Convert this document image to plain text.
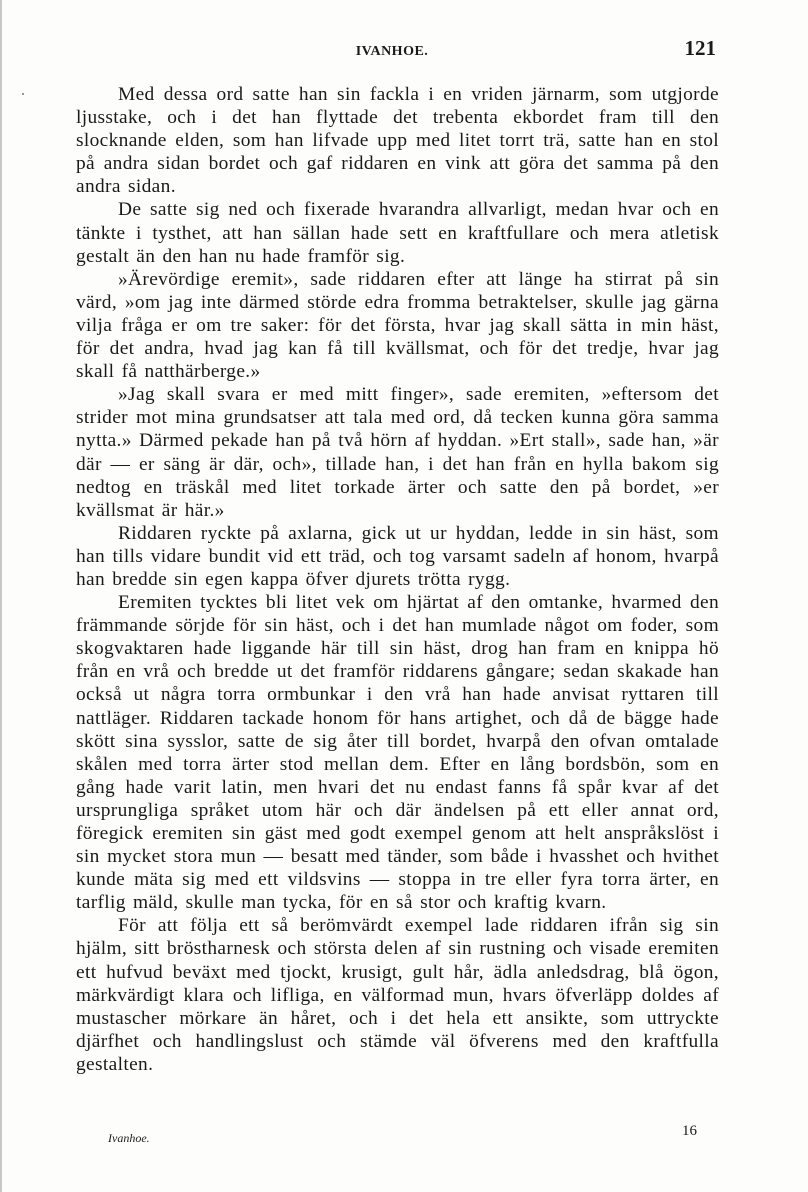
IVANHOE.	121

Med dessa ord satte han sin fackla i en vriden järnarm, som utgjorde ljusstake, och i det han flyttade det trebenta ekbordet fram till den slocknande elden, som han lifvade upp med litet torrt trä, satte han en stol på andra sidan bordet och gaf riddaren en vink att göra det samma på den andra sidan.

De satte sig ned och fixerade hvarandra allvarligt, medan hvar och en tänkte i tysthet, att han sällan hade sett en kraftfullare och mera atletisk gestalt än den han nu hade framför sig.

»Ärevördige eremit», sade riddaren efter att länge ha stirrat på sin värd, »om jag inte därmed störde edra fromma betraktelser, skulle jag gärna vilja fråga er om tre saker: för det första, hvar jag skall sätta in min häst, för det andra, hvad jag kan få till kvällsmat, och för det tredje, hvar jag skall få natthärberge.»

»Jag skall svara er med mitt finger», sade eremiten, »eftersom det strider mot mina grundsatser att tala med ord, då tecken kunna göra samma nytta.» Därmed pekade han på två hörn af hyddan. »Ert stall», sade han, »är där — er säng är där, och», tillade han, i det han från en hylla bakom sig nedtog en träskål med litet torkade ärter och satte den på bordet, »er kvällsmat är här.»

Riddaren ryckte på axlarna, gick ut ur hyddan, ledde in sin häst, som han tills vidare bundit vid ett träd, och tog varsamt sadeln af honom, hvarpå han bredde sin egen kappa öfver djurets trötta rygg.

Eremiten tycktes bli litet vek om hjärtat af den omtanke, hvarmed den främmande sörjde för sin häst, och i det han mumlade något om foder, som skogvaktaren hade liggande här till sin häst, drog han fram en knippa hö från en vrå och bredde ut det framför riddarens gångare; sedan skakade han också ut några torra ormbunkar i den vrå han hade anvisat ryttaren till nattläger. Riddaren tackade honom för hans artighet, och då de bägge hade skött sina sysslor, satte de sig åter till bordet, hvarpå den ofvan omtalade skålen med torra ärter stod mellan dem. Efter en lång bordsbön, som en gång hade varit latin, men hvari det nu endast fanns få spår kvar af det ursprungliga språket utom här och där ändelsen på ett eller annat ord, föregick eremiten sin gäst med godt exempel genom att helt anspråkslöst i sin mycket stora mun — besatt med tänder, som både i hvasshet och hvithet kunde mäta sig med ett vildsvins — stoppa in tre eller fyra torra ärter, en tarflig mäld, skulle man tycka, för en så stor och kraftig kvarn.

För att följa ett så berömvärdt exempel lade riddaren ifrån sig sin hjälm, sitt bröstharnesk och största delen af sin rustning och visade eremiten ett hufvud beväxt med tjockt, krusigt, gult hår, ädla anledsdrag, blå ögon, märkvärdigt klara och lifliga, en välformad mun, hvars öfverläpp doldes af mustascher mörkare än håret, och i det hela ett ansikte, som uttryckte djärfhet och handlingslust och stämde väl öfverens med den kraftfulla gestalten.

Ivanhoe.	16
